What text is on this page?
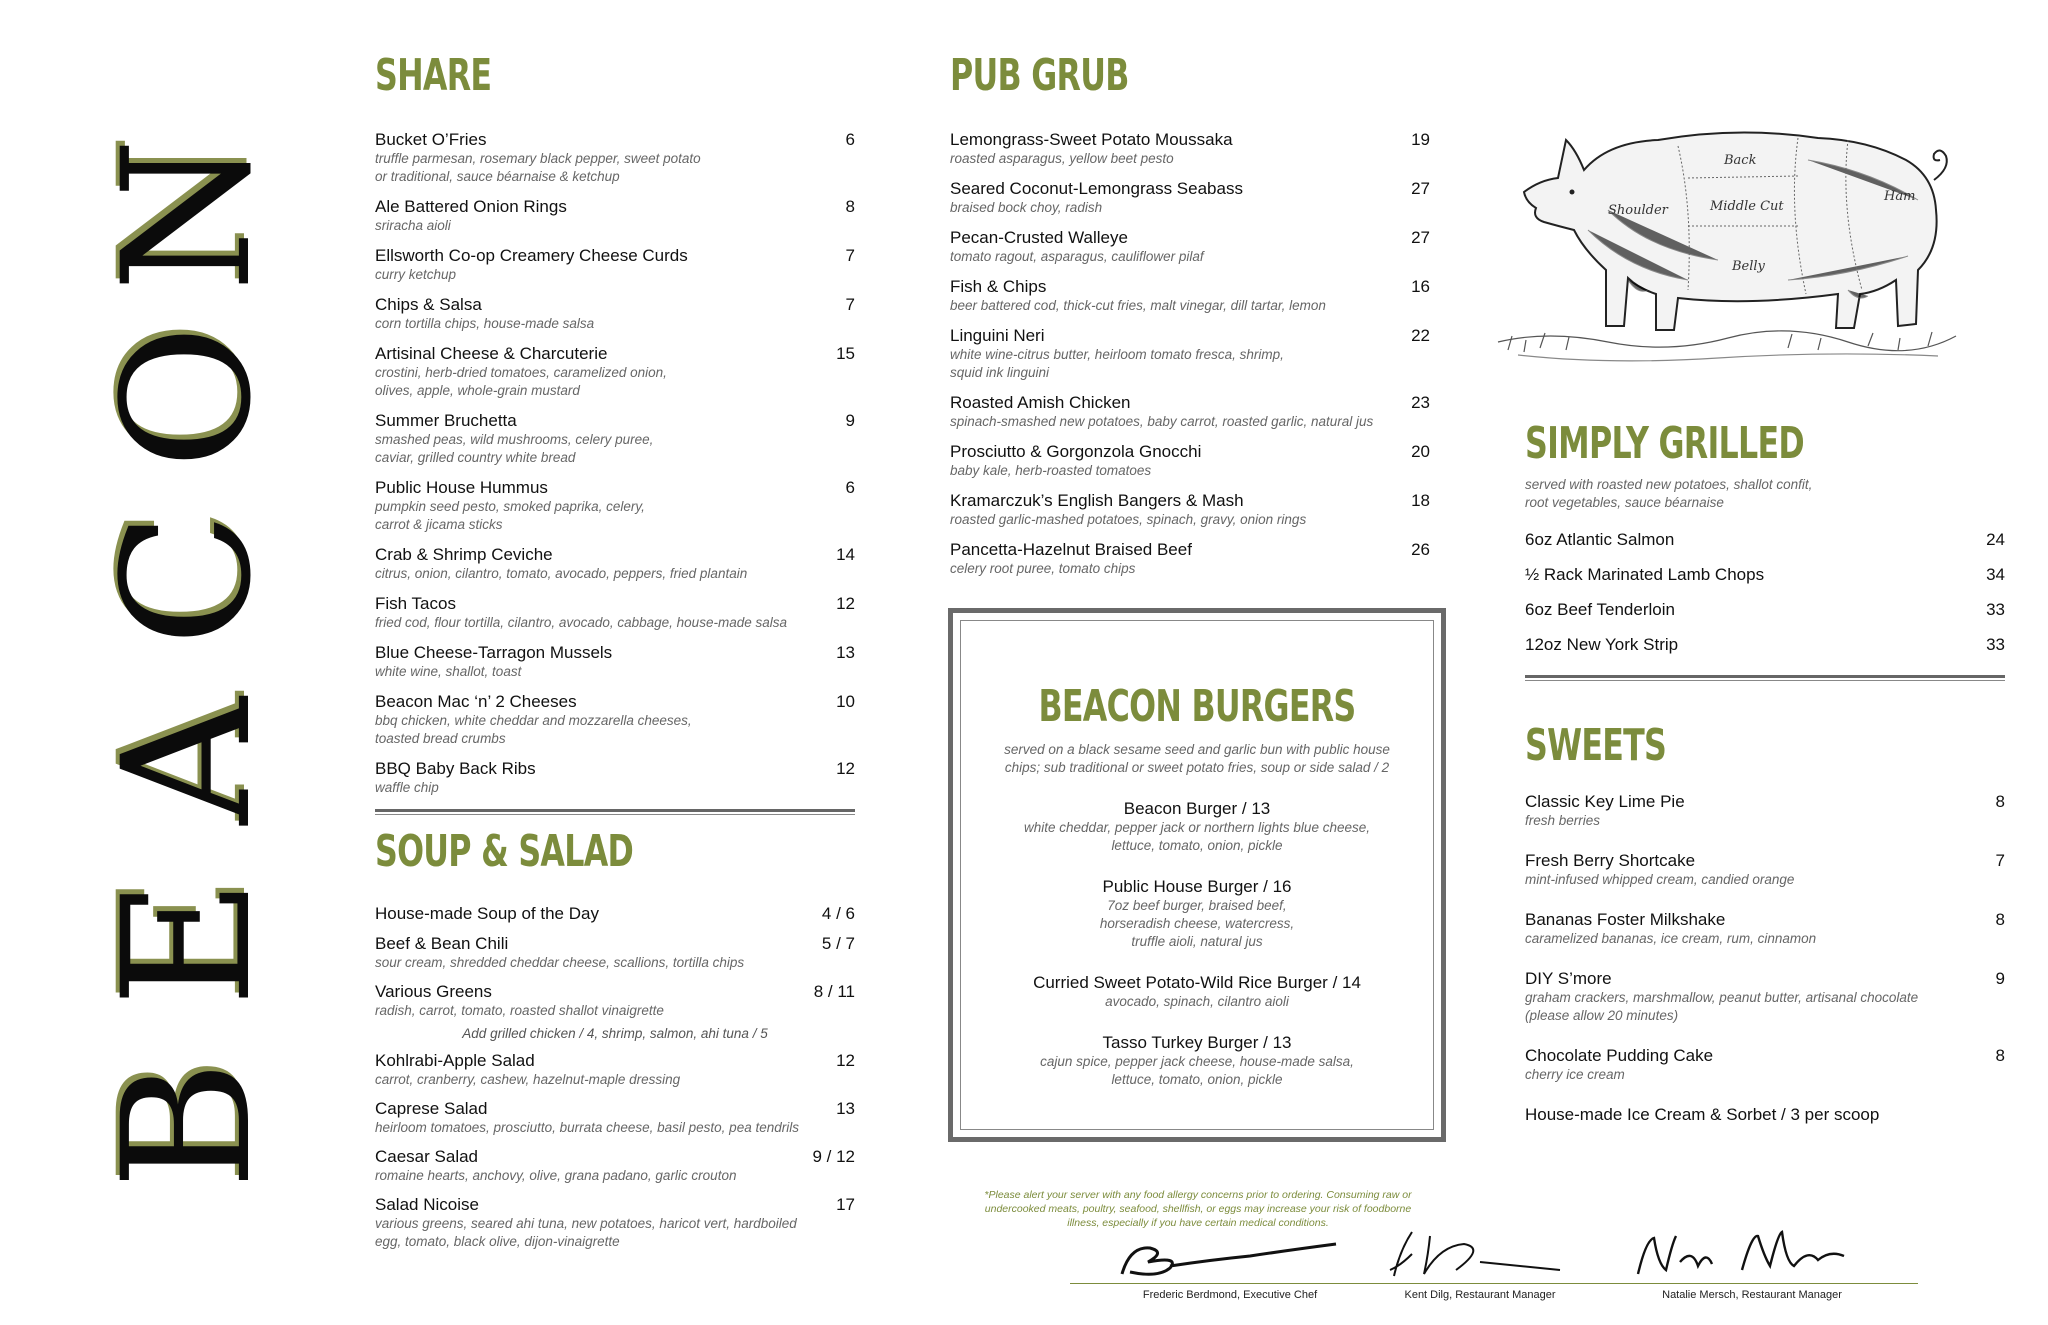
B
E
A
C
O
N
SHARE
Bucket O’Fries	6
truffle parmesan, rosemary black pepper, sweet potato
or traditional, sauce béarnaise & ketchup
Ale Battered Onion Rings	8
sriracha aioli
Ellsworth Co-op Creamery Cheese Curds	7
curry ketchup
Chips & Salsa	7
corn tortilla chips, house-made salsa
Artisinal Cheese & Charcuterie	15
crostini, herb-dried tomatoes, caramelized onion,
olives, apple, whole-grain mustard
Summer Bruchetta	9
smashed peas, wild mushrooms, celery puree,
caviar, grilled country white bread
Public House Hummus	6
pumpkin seed pesto, smoked paprika, celery,
carrot & jicama sticks
Crab & Shrimp Ceviche	14
citrus, onion, cilantro, tomato, avocado, peppers, fried plantain
Fish Tacos	12
fried cod, flour tortilla, cilantro, avocado, cabbage, house-made salsa
Blue Cheese-Tarragon Mussels	13
white wine, shallot, toast
Beacon Mac ‘n’ 2 Cheeses	10
bbq chicken, white cheddar and mozzarella cheeses,
toasted bread crumbs
BBQ Baby Back Ribs	12
waffle chip
SOUP & SALAD
House-made Soup of the Day	4 / 6
Beef & Bean Chili	5 / 7
sour cream, shredded cheddar cheese, scallions, tortilla chips
Various Greens	8 / 11
radish, carrot, tomato, roasted shallot vinaigrette
Add grilled chicken / 4, shrimp, salmon, ahi tuna / 5
Kohlrabi-Apple Salad	12
carrot, cranberry, cashew, hazelnut-maple dressing
Caprese Salad	13
heirloom tomatoes, prosciutto, burrata cheese, basil pesto, pea tendrils
Caesar Salad	9 / 12
romaine hearts, anchovy, olive, grana padano, garlic crouton
Salad Nicoise	17
various greens, seared ahi tuna, new potatoes, haricot vert, hardboiled
egg, tomato, black olive, dijon-vinaigrette
PUB GRUB
Lemongrass-Sweet Potato Moussaka	19
roasted asparagus, yellow beet pesto
Seared Coconut-Lemongrass Seabass	27
braised bock choy, radish
Pecan-Crusted Walleye	27
tomato ragout, asparagus, cauliflower pilaf
Fish & Chips	16
beer battered cod, thick-cut fries, malt vinegar, dill tartar, lemon
Linguini Neri	22
white wine-citrus butter, heirloom tomato fresca, shrimp,
squid ink linguini
Roasted Amish Chicken	23
spinach-smashed new potatoes, baby carrot, roasted garlic, natural jus
Prosciutto & Gorgonzola Gnocchi	20
baby kale, herb-roasted tomatoes
Kramarczuk’s English Bangers & Mash	18
roasted garlic-mashed potatoes, spinach, gravy, onion rings
Pancetta-Hazelnut Braised Beef	26
celery root puree, tomato chips
BEACON BURGERS
served on a black sesame seed and garlic bun with public house
chips; sub traditional or sweet potato fries, soup or side salad / 2
Beacon Burger / 13
white cheddar, pepper jack or northern lights blue cheese,
lettuce, tomato, onion, pickle
Public House Burger / 16
7oz beef burger, braised beef,
horseradish cheese, watercress,
truffle aioli, natural jus
Curried Sweet Potato-Wild Rice Burger / 14
avocado, spinach, cilantro aioli
Tasso Turkey Burger / 13
cajun spice, pepper jack cheese, house-made salsa,
lettuce, tomato, onion, pickle
Back
Shoulder	Middle Cut
Ham
Belly
SIMPLY GRILLED
served with roasted new potatoes, shallot confit,
root vegetables, sauce béarnaise
6oz Atlantic Salmon	24
½ Rack Marinated Lamb Chops	34
6oz Beef Tenderloin	33
12oz New York Strip	33
SWEETS
Classic Key Lime Pie	8
fresh berries
Fresh Berry Shortcake	7
mint-infused whipped cream, candied orange
Bananas Foster Milkshake	8
caramelized bananas, ice cream, rum, cinnamon
DIY S’more	9
graham crackers, marshmallow, peanut butter, artisanal chocolate
(please allow 20 minutes)
Chocolate Pudding Cake	8
cherry ice cream
House-made Ice Cream & Sorbet / 3 per scoop
*Please alert your server with any food allergy concerns prior to ordering. Consuming raw or
undercooked meats, poultry, seafood, shellfish, or eggs may increase your risk of foodborne
illness, especially if you have certain medical conditions.
Frederic Berdmond, Executive Chef	Kent Dilg, Restaurant Manager	Natalie Mersch, Restaurant Manager
